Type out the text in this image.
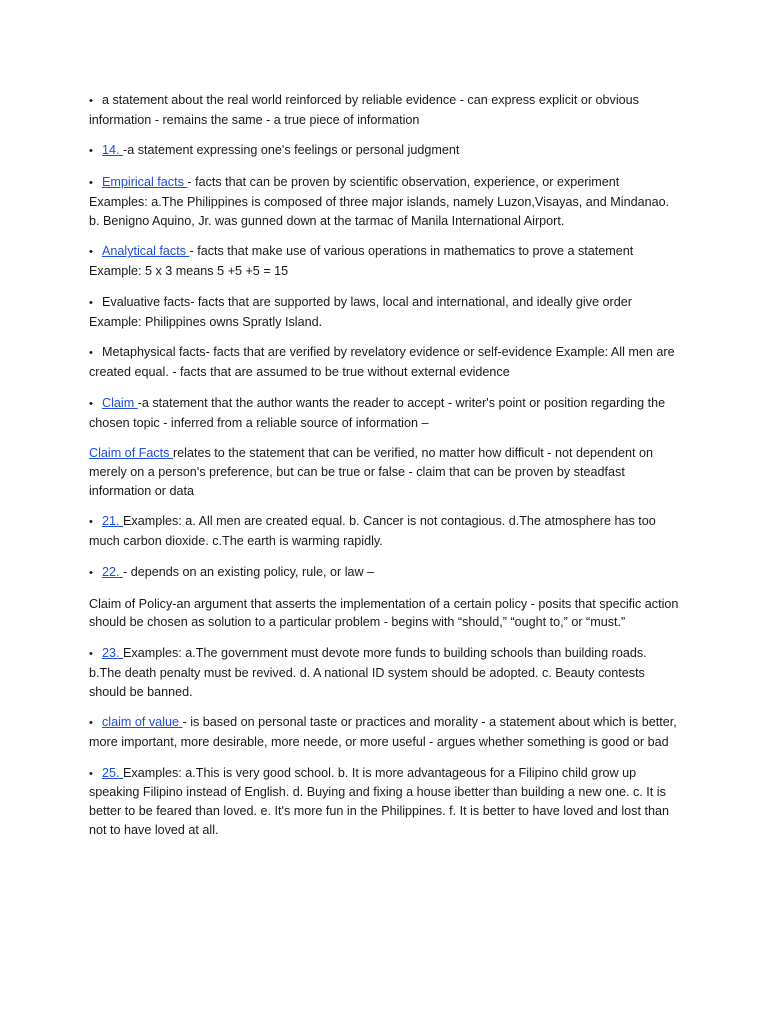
• a statement about the real world reinforced by reliable evidence - can express explicit or obvious information - remains the same - a true piece of information

• 14. -a statement expressing one's feelings or personal judgment

• Empirical facts - facts that can be proven by scientific observation, experience, or experiment Examples: a.The Philippines is composed of three major islands, namely Luzon,Visayas, and Mindanao. b. Benigno Aquino, Jr. was gunned down at the tarmac of Manila International Airport.

• Analytical facts - facts that make use of various operations in mathematics to prove a statement Example: 5 x 3 means 5 +5 +5 = 15

• Evaluative facts- facts that are supported by laws, local and international, and ideally give order Example: Philippines owns Spratly Island.

• Metaphysical facts- facts that are verified by revelatory evidence or self-evidence Example: All men are created equal. - facts that are assumed to be true without external evidence

• Claim -a statement that the author wants the reader to accept - writer's point or position regarding the chosen topic - inferred from a reliable source of information –

Claim of Facts relates to the statement that can be verified, no matter how difficult - not dependent on merely on a person's preference, but can be true or false - claim that can be proven by steadfast information or data

• 21. Examples: a. All men are created equal. b. Cancer is not contagious. d.The atmosphere has too much carbon dioxide. c.The earth is warming rapidly.

• 22. - depends on an existing policy, rule, or law –

Claim of Policy-an argument that asserts the implementation of a certain policy - posits that specific action should be chosen as solution to a particular problem - begins with “should,” “ought to,” or “must.”

• 23. Examples: a.The government must devote more funds to building schools than building roads. b.The death penalty must be revived. d. A national ID system should be adopted. c. Beauty contests should be banned.

• claim of value - is based on personal taste or practices and morality - a statement about which is better, more important, more desirable, more neede, or more useful - argues whether something is good or bad

• 25. Examples: a.This is very good school. b. It is more advantageous for a Filipino child grow up speaking Filipino instead of English. d. Buying and fixing a house ibetter than building a new one. c. It is better to be feared than loved. e. It's more fun in the Philippines. f. It is better to have loved and lost than not to have loved at all.
